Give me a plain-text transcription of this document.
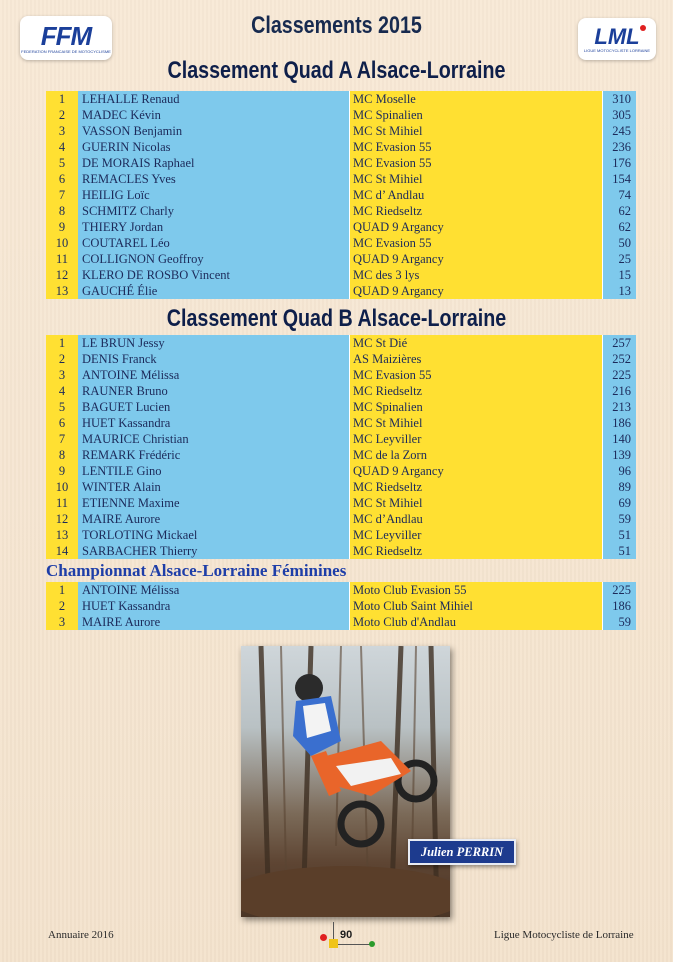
FFM
FEDERATION FRANCAISE DE MOTOCYCLISME
Classements 2015	LML
LIGUE MOTOCYCLISTE LORRAINE
Classement Quad A Alsace-Lorraine
1	LEHALLE Renaud	MC Moselle	310
2	MADEC Kévin	MC Spinalien	305
3	VASSON Benjamin	MC St Mihiel	245
4	GUERIN Nicolas	MC Evasion 55	236
5	DE MORAIS Raphael	MC Evasion 55	176
6	REMACLES Yves	MC St Mihiel	154
7	HEILIG Loïc	MC d’ Andlau	74
8	SCHMITZ Charly	MC Riedseltz	62
9	THIERY Jordan	QUAD 9 Argancy	62
10	COUTAREL Léo	MC Evasion 55	50
11	COLLIGNON Geoffroy	QUAD 9 Argancy	25
12	KLERO DE ROSBO Vincent	MC des 3 lys	15
13	GAUCHÉ Élie	QUAD 9 Argancy	13
Classement Quad B Alsace-Lorraine
1	LE BRUN Jessy	MC St Dié	257
2	DENIS Franck	AS Maizières	252
3	ANTOINE Mélissa	MC Evasion 55	225
4	RAUNER Bruno	MC Riedseltz	216
5	BAGUET Lucien	MC Spinalien	213
6	HUET Kassandra	MC St Mihiel	186
7	MAURICE Christian	MC Leyviller	140
8	REMARK Frédéric	MC de la Zorn	139
9	LENTILE Gino	QUAD 9 Argancy	96
10	WINTER Alain	MC Riedseltz	89
11	ETIENNE Maxime	MC St Mihiel	69
12	MAIRE Aurore	MC d’Andlau	59
13	TORLOTING Mickael	MC Leyviller	51
14	SARBACHER Thierry	MC Riedseltz	51
Championnat Alsace-Lorraine Féminines
1	ANTOINE Mélissa	Moto Club Evasion 55	225
2	HUET Kassandra	Moto Club Saint Mihiel	186
3	MAIRE Aurore	Moto Club d'Andlau	59
Julien PERRIN
Annuaire 2016	90	Ligue Motocycliste de Lorraine
